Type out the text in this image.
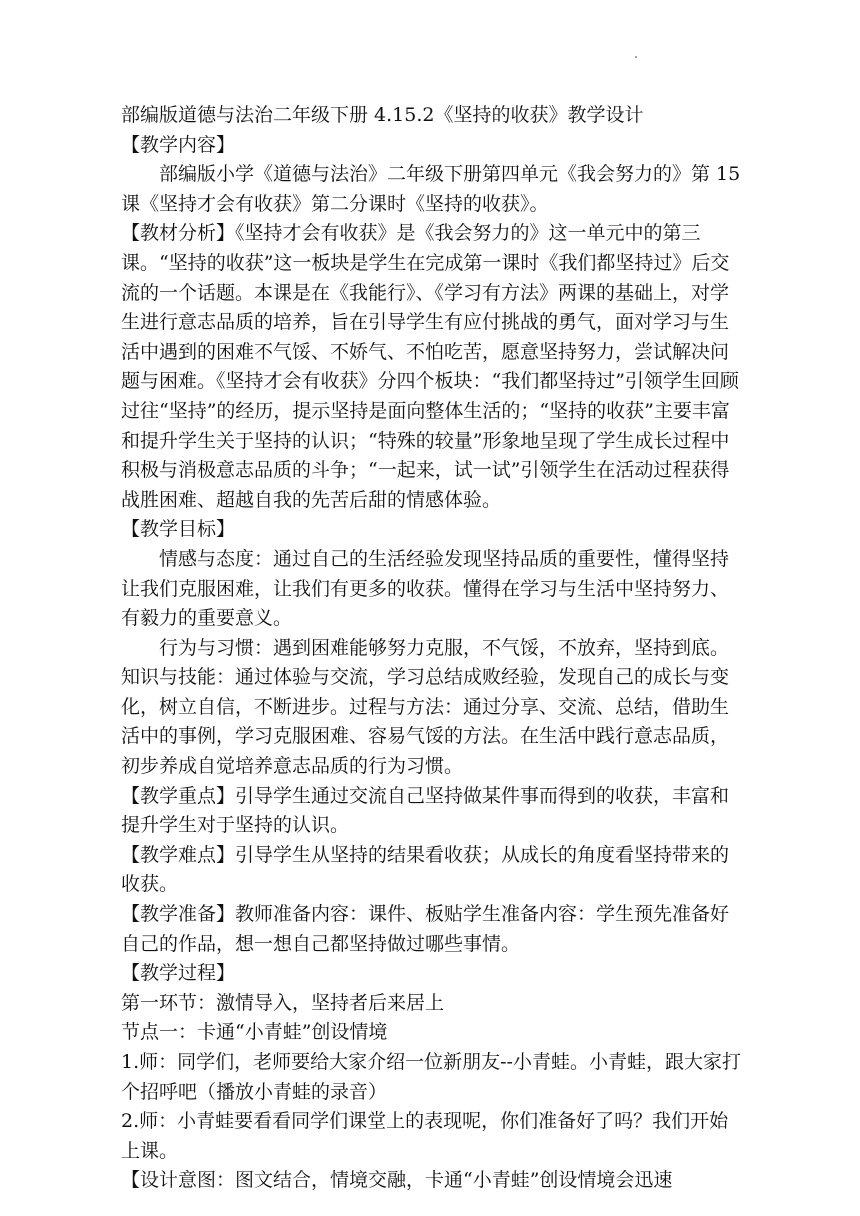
部编版道德与法治二年级下册 4.15.2《坚持的收获》教学设计

【教学内容】

部编版小学《道德与法治》二年级下册第四单元《我会努力的》第 15 课《坚持才会有收获》第二分课时《坚持的收获》。

【教材分析】《坚持才会有收获》是《我会努力的》这一单元中的第三课。“坚持的收获”这一板块是学生在完成第一课时《我们都坚持过》后交流的一个话题。本课是在《我能行》、《学习有方法》两课的基础上，对学生进行意志品质的培养，旨在引导学生有应付挑战的勇气，面对学习与生活中遇到的困难不气馁、不娇气、不怕吃苦，愿意坚持努力，尝试解决问题与困难。《坚持才会有收获》分四个板块：“我们都坚持过”引领学生回顾过往“坚持”的经历，提示坚持是面向整体生活的；“坚持的收获”主要丰富和提升学生关于坚持的认识；“特殊的较量”形象地呈现了学生成长过程中积极与消极意志品质的斗争；“一起来，试一试”引领学生在活动过程获得战胜困难、超越自我的先苦后甜的情感体验。

【教学目标】

情感与态度：通过自己的生活经验发现坚持品质的重要性，懂得坚持让我们克服困难，让我们有更多的收获。懂得在学习与生活中坚持努力、有毅力的重要意义。

行为与习惯：遇到困难能够努力克服，不气馁，不放弃，坚持到底。知识与技能：通过体验与交流，学习总结成败经验，发现自己的成长与变化，树立自信，不断进步。过程与方法：通过分享、交流、总结，借助生活中的事例，学习克服困难、容易气馁的方法。在生活中践行意志品质，初步养成自觉培养意志品质的行为习惯。

【教学重点】引导学生通过交流自己坚持做某件事而得到的收获，丰富和提升学生对于坚持的认识。

【教学难点】引导学生从坚持的结果看收获；从成长的角度看坚持带来的收获。

【教学准备】教师准备内容：课件、板贴学生准备内容：学生预先准备好自己的作品，想一想自己都坚持做过哪些事情。

【教学过程】

第一环节：激情导入，坚持者后来居上

节点一：卡通“小青蛙”创设情境

1.师：同学们，老师要给大家介绍一位新朋友--小青蛙。小青蛙，跟大家打个招呼吧（播放小青蛙的录音）

2.师：小青蛙要看看同学们课堂上的表现呢，你们准备好了吗？我们开始上课。

【设计意图：图文结合，情境交融，卡通“小青蛙”创设情境会迅速
